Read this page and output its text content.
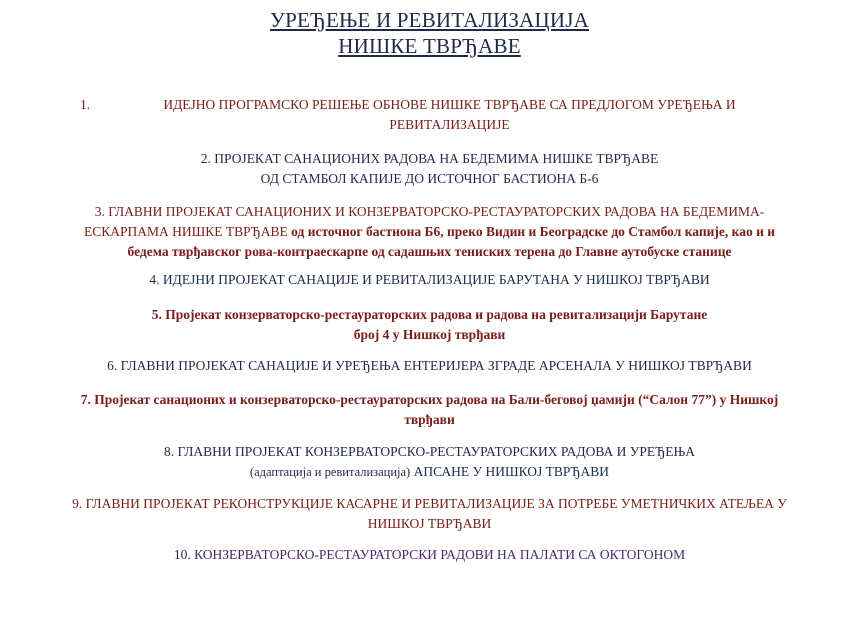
УРЕЂЕЊЕ И РЕВИТАЛИЗАЦИЈА
НИШКЕ ТВРЂАВЕ
1.	ИДЕЈНО ПРОГРАМСКО РЕШЕЊЕ ОБНОВЕ НИШКЕ ТВРЂАВЕ СА ПРЕДЛОГОМ УРЕЂЕЊА И
РЕВИТАЛИЗАЦИЈЕ
2. ПРОЈЕКАТ САНАЦИОНИХ РАДОВА НА БЕДЕМИМА НИШКЕ ТВРЂАВЕ
ОД СТАМБОЛ КАПИЈЕ ДО ИСТОЧНОГ БАСТИОНА Б-6
3. ГЛАВНИ ПРОЈЕКАТ САНАЦИОНИХ И КОНЗЕРВАТОРСКО-РЕСТАУРАТОРСКИХ РАДОВА НА БЕДЕМИМА-
ЕСКАРПАМА НИШКЕ ТВРЂАВЕ од источног бастиона Б6, преко Видин и Београдске до Стамбол капије, као и и
бедема тврђавског рова-контраескарпе од садашњих тениских терена до Главне аутобуске станице
4. ИДЕЈНИ ПРОЈЕКАТ САНАЦИЈЕ И РЕВИТАЛИЗАЦИЈЕ БАРУТАНА У НИШКОЈ ТВРЂАВИ
5. Пројекат конзерваторско-рестаураторских радова и радова на ревитализацији Барутане
број 4 у Нишкој тврђави
6. ГЛАВНИ ПРОЈЕКАТ САНАЦИЈЕ И УРЕЂЕЊА ЕНТЕРИЈЕРА ЗГРАДЕ АРСЕНАЛА У НИШКОЈ ТВРЂАВИ
7. Пројекат санационих и конзерваторско-рестаураторских радова на Бали-беговој џамији (“Салон 77”) у Нишкој
тврђави
8. ГЛАВНИ ПРОЈЕКАТ КОНЗЕРВАТОРСКО-РЕСТАУРАТОРСКИХ РАДОВА И УРЕЂЕЊА
(адаптација и ревитализација) АПСАНЕ У НИШКОЈ ТВРЂАВИ
9. ГЛАВНИ ПРОЈЕКАТ РЕКОНСТРУКЦИЈЕ КАСАРНЕ И РЕВИТАЛИЗАЦИЈЕ ЗА ПОТРЕБЕ УМЕТНИЧКИХ АТЕЉЕА У
НИШКОЈ ТВРЂАВИ
10. КОНЗЕРВАТОРСКО-РЕСТАУРАТОРСКИ РАДОВИ НА ПАЛАТИ СА ОКТОГОНОМ
